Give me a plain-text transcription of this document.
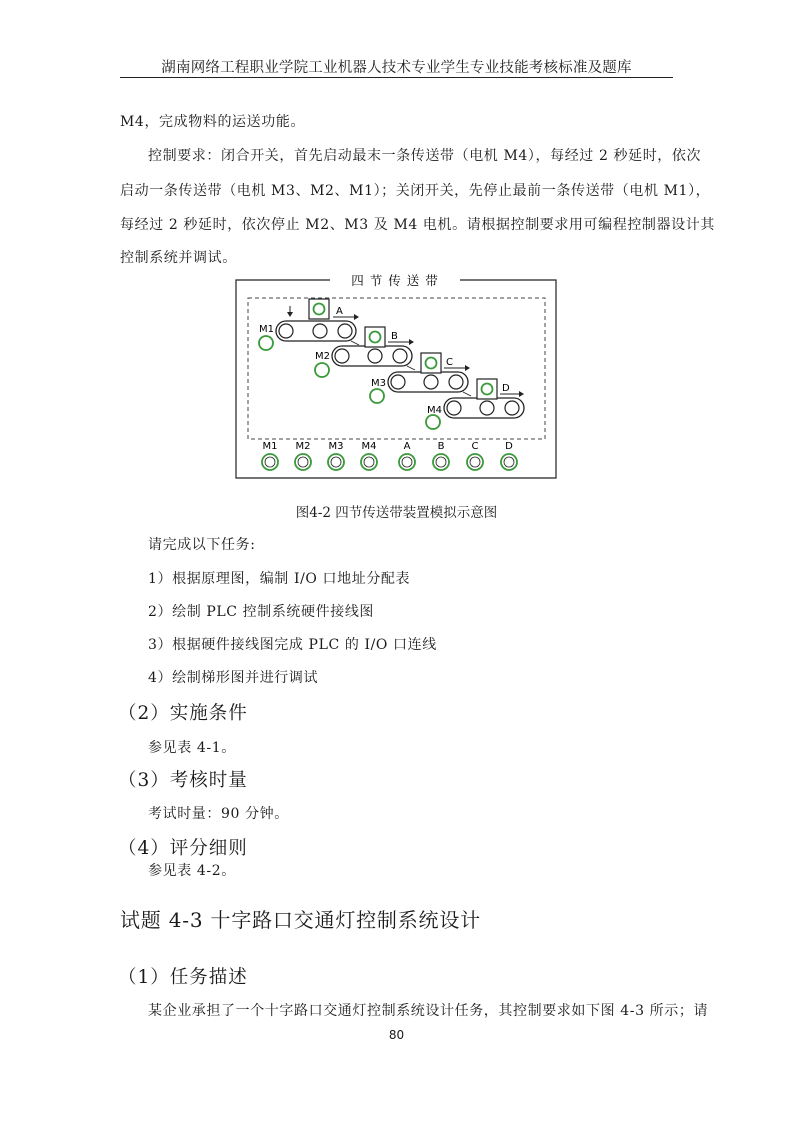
湖南网络工程职业学院工业机器人技术专业学生专业技能考核标准及题库
M4，完成物料的运送功能。
控制要求：闭合开关，首先启动最末一条传送带（电机 M4），每经过 2 秒延时，依次
启动一条传送带（电机 M3、M2、M1）；关闭开关，先停止最前一条传送带（电机 M1），
每经过 2 秒延时，依次停止 M2、M3 及 M4 电机。请根据控制要求用可编程控制器设计其
控制系统并调试。
四 节 传 送 带
A
M1
B
M2
C
M3	D
M4
M1 M2 M3 M4	A	B	C	D
图4-2 四节传送带装置模拟示意图
请完成以下任务:
1）根据原理图，编制 I/O 口地址分配表
2）绘制 PLC 控制系统硬件接线图
3）根据硬件接线图完成 PLC 的 I/O 口连线
4）绘制梯形图并进行调试
（2）实施条件
参见表 4-1。
（3）考核时量
考试时量：90 分钟。
（4）评分细则
参见表 4-2。
试题 4-3 十字路口交通灯控制系统设计
（1）任务描述
某企业承担了一个十字路口交通灯控制系统设计任务，其控制要求如下图 4-3 所示；请
80
